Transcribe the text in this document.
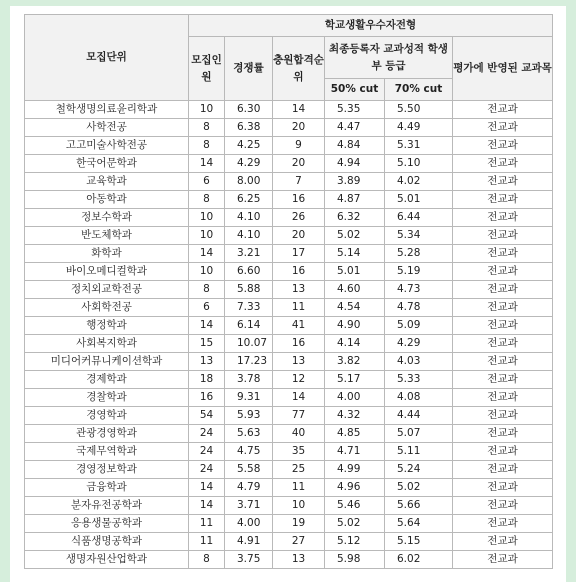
모집단위	학교생활우수자전형					
	모집인원	경쟁률	충원합격순위	최종등록자 교과성적 학생부 등급		평가에 반영된 교과목
				50% cut	70% cut	
철학생명의료윤리학과	10	6.30	14	5.35	5.50	전교과
사학전공	8	6.38	20	4.47	4.49	전교과
고고미술사학전공	8	4.25	9	4.84	5.31	전교과
한국어문학과	14	4.29	20	4.94	5.10	전교과
교육학과	6	8.00	7	3.89	4.02	전교과
아동학과	8	6.25	16	4.87	5.01	전교과
정보수학과	10	4.10	26	6.32	6.44	전교과
반도체학과	10	4.10	20	5.02	5.34	전교과
화학과	14	3.21	17	5.14	5.28	전교과
바이오메디컬학과	10	6.60	16	5.01	5.19	전교과
정치외교학전공	8	5.88	13	4.60	4.73	전교과
사회학전공	6	7.33	11	4.54	4.78	전교과
행정학과	14	6.14	41	4.90	5.09	전교과
사회복지학과	15	10.07	16	4.14	4.29	전교과
미디어커뮤니케이션학과	13	17.23	13	3.82	4.03	전교과
경제학과	18	3.78	12	5.17	5.33	전교과
경찰학과	16	9.31	14	4.00	4.08	전교과
경영학과	54	5.93	77	4.32	4.44	전교과
관광경영학과	24	5.63	40	4.85	5.07	전교과
국제무역학과	24	4.75	35	4.71	5.11	전교과
경영정보학과	24	5.58	25	4.99	5.24	전교과
금융학과	14	4.79	11	4.96	5.02	전교과
분자유전공학과	14	3.71	10	5.46	5.66	전교과
응용생물공학과	11	4.00	19	5.02	5.64	전교과
식품생명공학과	11	4.91	27	5.12	5.15	전교과
생명자원산업학과	8	3.75	13	5.98	6.02	전교과
